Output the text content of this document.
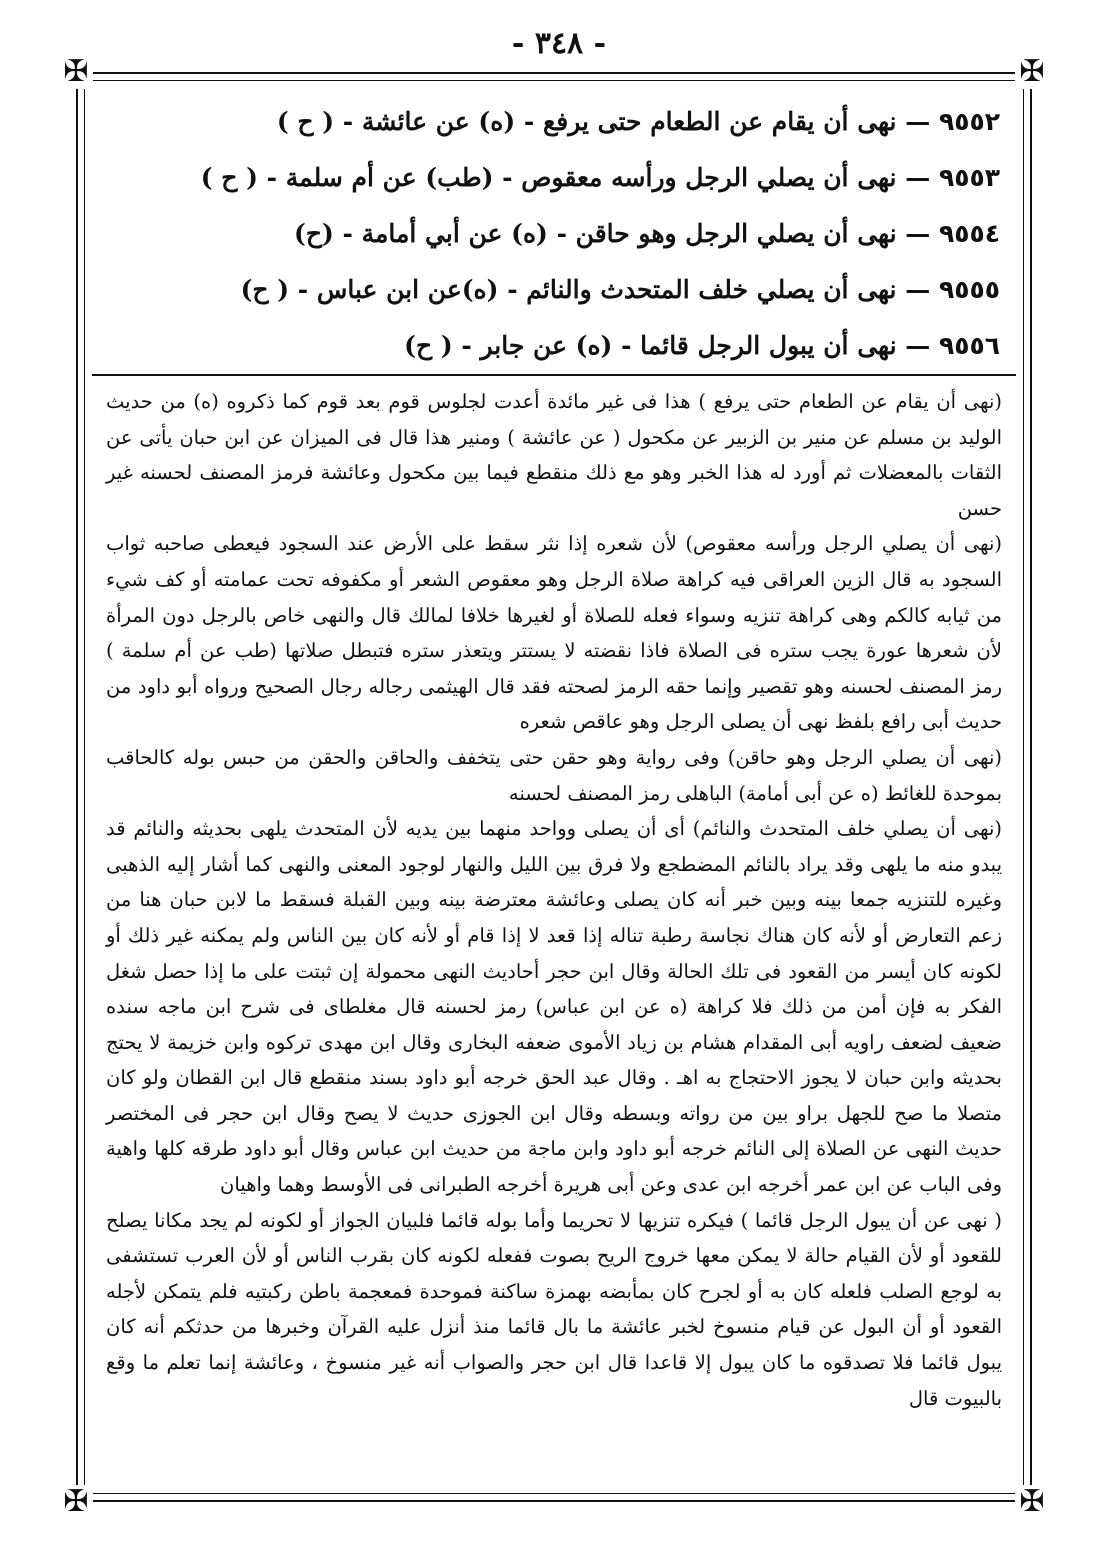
- ٣٤٨ -
✠	✠
✠	✠
٩٥٥٢ — نهى أن يقام عن الطعام حتى يرفع - (ه) عن عائشة - ( ح )
٩٥٥٣ — نهى أن يصلي الرجل ورأسه معقوص - (طب) عن أم سلمة - ( ح )
٩٥٥٤ — نهى أن يصلي الرجل وهو حاقن - (ه) عن أبي أمامة - (ح)
٩٥٥٥ — نهى أن يصلي خلف المتحدث والنائم - (ه)عن ابن عباس - ( ح)
٩٥٥٦ — نهى أن يبول الرجل قائما - (ه) عن جابر - ( ح)

(نهى أن يقام عن الطعام حتى يرفع ) هذا فى غير مائدة أعدت لجلوس قوم بعد قوم كما ذكروه (ه) من حديث الوليد بن مسلم عن منير بن الزبير عن مكحول ( عن عائشة ) ومنير هذا قال فى الميزان عن ابن حبان يأتى عن الثقات بالمعضلات ثم أورد له هذا الخبر وهو مع ذلك منقطع فيما بين مكحول وعائشة فرمز المصنف لحسنه غير حسن

(نهى أن يصلي الرجل ورأسه معقوص) لأن شعره إذا نثر سقط على الأرض عند السجود فيعطى صاحبه ثواب السجود به قال الزين العراقى فيه كراهة صلاة الرجل وهو معقوص الشعر أو مكفوفه تحت عمامته أو كف شيء من ثيابه كالكم وهى كراهة تنزيه وسواء فعله للصلاة أو لغيرها خلافا لمالك قال والنهى خاص بالرجل دون المرأة لأن شعرها عورة يجب ستره فى الصلاة فاذا نقضته لا يستتر ويتعذر ستره فتبطل صلاتها (طب عن أم سلمة ) رمز المصنف لحسنه وهو تقصير وإنما حقه الرمز لصحته فقد قال الهيثمى رجاله رجال الصحيح ورواه أبو داود من حديث أبى رافع بلفظ نهى أن يصلى الرجل وهو عاقص شعره

(نهى أن يصلي الرجل وهو حاقن) وفى رواية وهو حقن حتى يتخفف والحاقن والحقن من حبس بوله كالحاقب بموحدة للغائط (ه عن أبى أمامة) الباهلى رمز المصنف لحسنه

(نهى أن يصلي خلف المتحدث والنائم) أى أن يصلى وواحد منهما بين يديه لأن المتحدث يلهى بحديثه والنائم قد يبدو منه ما يلهى وقد يراد بالنائم المضطجع ولا فرق بين الليل والنهار لوجود المعنى والنهى كما أشار إليه الذهبى وغيره للتنزيه جمعا بينه وبين خبر أنه كان يصلى وعائشة معترضة بينه وبين القبلة فسقط ما لابن حبان هنا من زعم التعارض أو لأنه كان هناك نجاسة رطبة تناله إذا قعد لا إذا قام أو لأنه كان بين الناس ولم يمكنه غير ذلك أو لكونه كان أيسر من القعود فى تلك الحالة وقال ابن حجر أحاديث النهى محمولة إن ثبتت على ما إذا حصل شغل الفكر به فإن أمن من ذلك فلا كراهة (ه عن ابن عباس) رمز لحسنه قال مغلطاى فى شرح ابن ماجه سنده ضعيف لضعف راويه أبى المقدام هشام بن زياد الأموى ضعفه البخارى وقال ابن مهدى تركوه وابن خزيمة لا يحتج بحديثه وابن حبان لا يجوز الاحتجاج به اهـ . وقال عبد الحق خرجه أبو داود بسند منقطع قال ابن القطان ولو كان متصلا ما صح للجهل براو بين من رواته وبسطه وقال ابن الجوزى حديث لا يصح وقال ابن حجر فى المختصر حديث النهى عن الصلاة إلى النائم خرجه أبو داود وابن ماجة من حديث ابن عباس وقال أبو داود طرقه كلها واهية وفى الباب عن ابن عمر أخرجه ابن عدى وعن أبى هريرة أخرجه الطبرانى فى الأوسط وهما واهيان

( نهى عن أن يبول الرجل قائما ) فيكره تنزيها لا تحريما وأما بوله قائما فلبيان الجواز أو لكونه لم يجد مكانا يصلح للقعود أو لأن القيام حالة لا يمكن معها خروج الريح بصوت ففعله لكونه كان بقرب الناس أو لأن العرب تستشفى به لوجع الصلب فلعله كان به أو لجرح كان بمأبضه بهمزة ساكنة فموحدة فمعجمة باطن ركبتيه فلم يتمكن لأجله القعود أو أن البول عن قيام منسوخ لخبر عائشة ما بال قائما منذ أنزل عليه القرآن وخبرها من حدثكم أنه كان يبول قائما فلا تصدقوه ما كان يبول إلا قاعدا قال ابن حجر والصواب أنه غير منسوخ ، وعائشة إنما تعلم ما وقع بالبيوت قال
